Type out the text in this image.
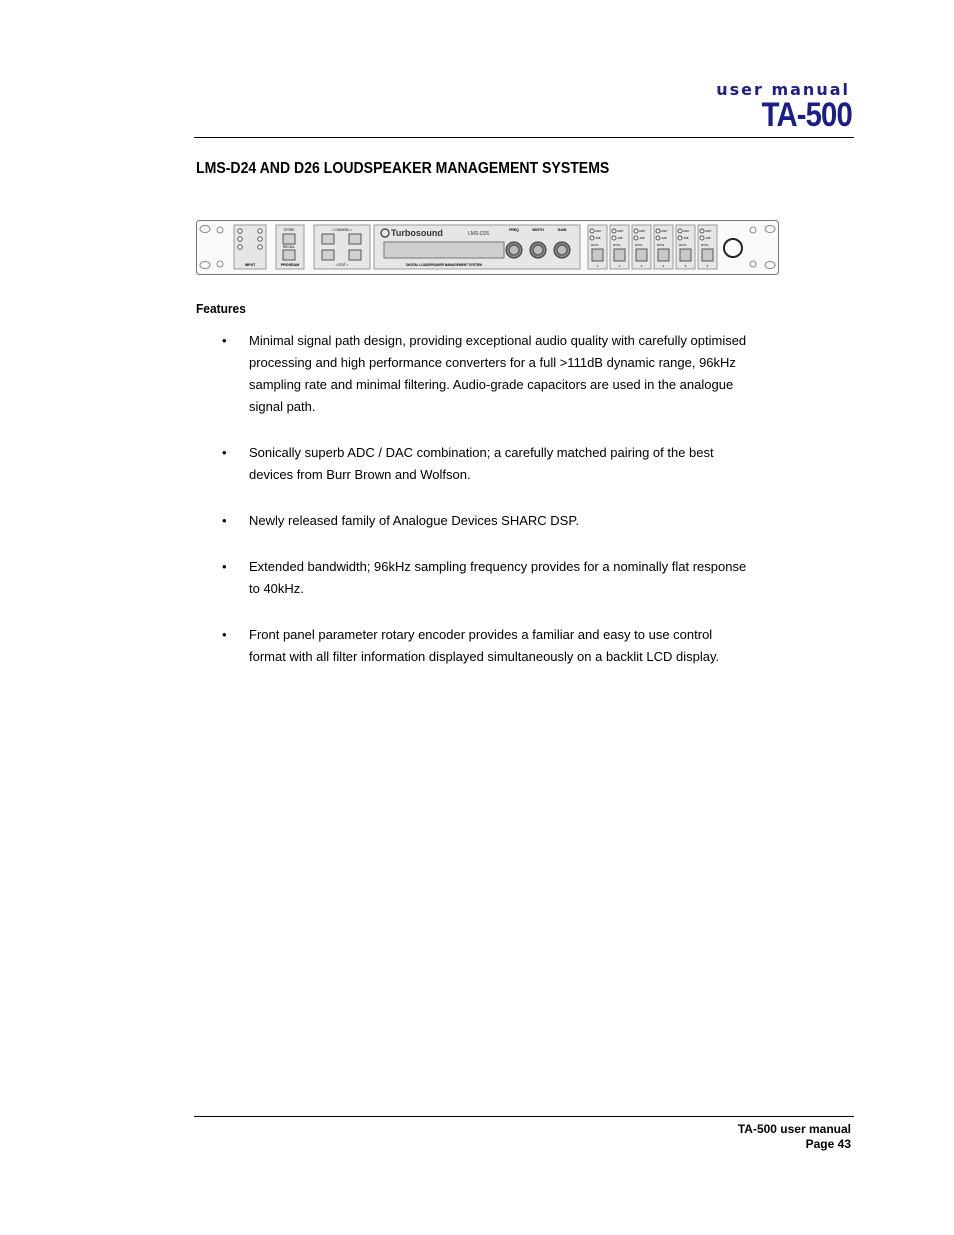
user manual
TA-500
LMS-D24 AND D26 LOUDSPEAKER MANAGEMENT SYSTEMS
INPUT
STORE
RECALL
PROGRAM
< CHANNEL >
< EDIT >
Turbosound	LMS-D26
DIGITAL LOUDSPEAKER MANAGEMENT SYSTEM
FREQ	WIDTH	GAIN	LIMIT
-6dB
MUTE
1
LIMIT
-6dB
MUTE
2
LIMIT
-6dB
MUTE
3
LIMIT
-6dB
MUTE
4
LIMIT
-6dB
MUTE
5
LIMIT
-6dB
MUTE
6
Features
• Minimal signal path design, providing exceptional audio quality with carefully optimised processing and high performance converters for a full >111dB dynamic range, 96kHz sampling rate and minimal filtering. Audio-grade capacitors are used in the analogue signal path.
• Sonically superb ADC / DAC combination; a carefully matched pairing of the best devices from Burr Brown and Wolfson.
• Newly released family of Analogue Devices SHARC DSP.
• Extended bandwidth; 96kHz sampling frequency provides for a nominally flat response to 40kHz.
• Front panel parameter rotary encoder provides a familiar and easy to use control format with all filter information displayed simultaneously on a backlit LCD display.
TA-500 user manual
Page 43
